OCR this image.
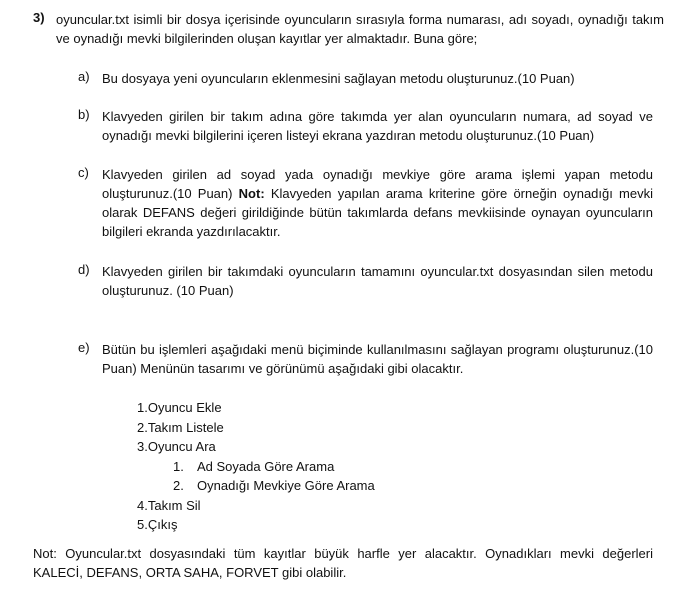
3) oyuncular.txt isimli bir dosya içerisinde oyuncuların sırasıyla forma numarası, adı soyadı, oynadığı takım ve oynadığı mevki bilgilerinden oluşan kayıtlar yer almaktadır. Buna göre;
a) Bu dosyaya yeni oyuncuların eklenmesini sağlayan metodu oluşturunuz.(10 Puan)
b) Klavyeden girilen bir takım adına göre takımda yer alan oyuncuların numara, ad soyad ve oynadığı mevki bilgilerini içeren listeyi ekrana yazdıran metodu oluşturunuz.(10 Puan)
c) Klavyeden girilen ad soyad yada oynadığı mevkiye göre arama işlemi yapan metodu oluşturunuz.(10 Puan) Not: Klavyeden yapılan arama kriterine göre örneğin oynadığı mevki olarak DEFANS değeri girildiğinde bütün takımlarda defans mevkiisinde oynayan oyuncuların bilgileri ekranda yazdırılacaktır.
d) Klavyeden girilen bir takımdaki oyuncuların tamamını oyuncular.txt dosyasından silen metodu oluşturunuz. (10 Puan)
e) Bütün bu işlemleri aşağıdaki menü biçiminde kullanılmasını sağlayan programı oluşturunuz.(10 Puan) Menünün tasarımı ve görünümü aşağıdaki gibi olacaktır.
1.Oyuncu Ekle
2.Takım Listele
3.Oyuncu Ara
1. Ad Soyada Göre Arama
2. Oynadığı Mevkiye Göre Arama
4.Takım Sil
5.Çıkış
Not: Oyuncular.txt dosyasındaki tüm kayıtlar büyük harfle yer alacaktır. Oynadıkları mevki değerleri KALECİ, DEFANS, ORTA SAHA, FORVET gibi olabilir.
